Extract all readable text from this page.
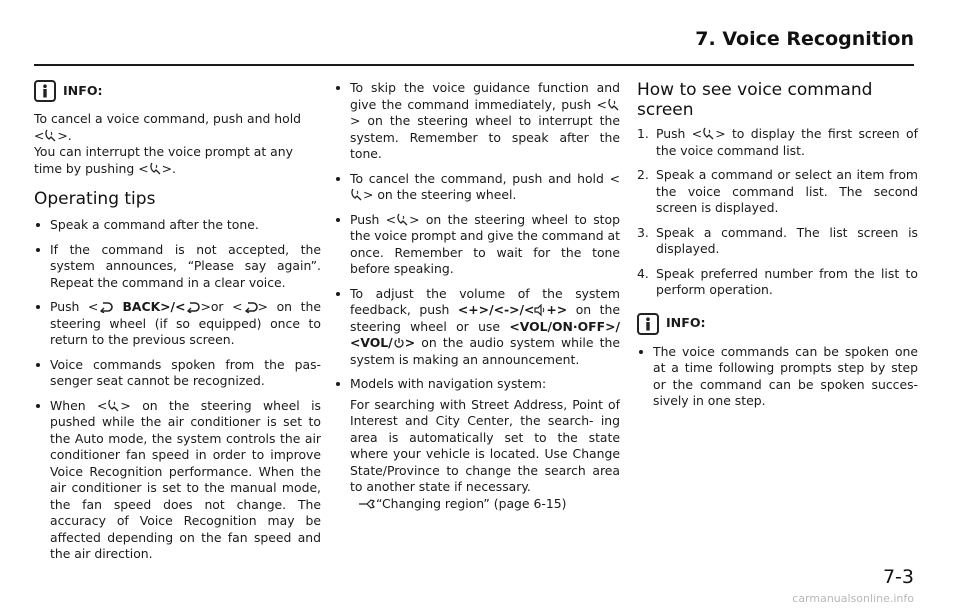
7. Voice Recognition
INFO:

To cancel a voice command, push and hold

< >.

You can interrupt the voice prompt at any

time by pushing < >.

Operating tips
Speak a command after the tone.
If the command is not accepted, the system announces, “Please say again”. Repeat the command in a clear voice.
Push < BACK>/< >or < > on the steering wheel (if so equipped) once to return to the previous screen.
Voice commands spoken from the pas- senger seat cannot be recognized.
When < > on the steering wheel is pushed while the air conditioner is set to the Auto mode, the system controls the air conditioner fan speed in order to improve Voice Recognition performance. When the air conditioner is set to the manual mode, the fan speed does not change. The accuracy of Voice Recognition may be affected depending on the fan speed and the air direction.
To skip the voice guidance function and give the command immediately, push <> on the steering wheel to interrupt the system. Remember to speak after the tone.
To cancel the command, push and hold <> on the steering wheel.
Push < > on the steering wheel to stop the voice prompt and give the command at once. Remember to wait for the tone before speaking.
To adjust the volume of the system feedback, push <+>/<->/< +> on the steering wheel or use <VOL/ON·OFF>/ <VOL/ > on the audio system while the system is making an announcement.
Models with navigation system:

For searching with Street Address, Point of Interest and City Center, the search- ing area is automatically set to the state where your vehicle is located. Use Change State/Province to change the search area to another state if necessary.

“Changing region” (page 6-15)

How to see voice command screen
1. Push < > to display the first screen of the voice command list.
2. Speak a command or select an item from the voice command list. The second screen is displayed.
3. Speak a command. The list screen is displayed.
4. Speak preferred number from the list to perform operation.
INFO:
The voice commands can be spoken one at a time following prompts step by step or the command can be spoken succes- sively in one step.
7-3
carmanualsonline.info
